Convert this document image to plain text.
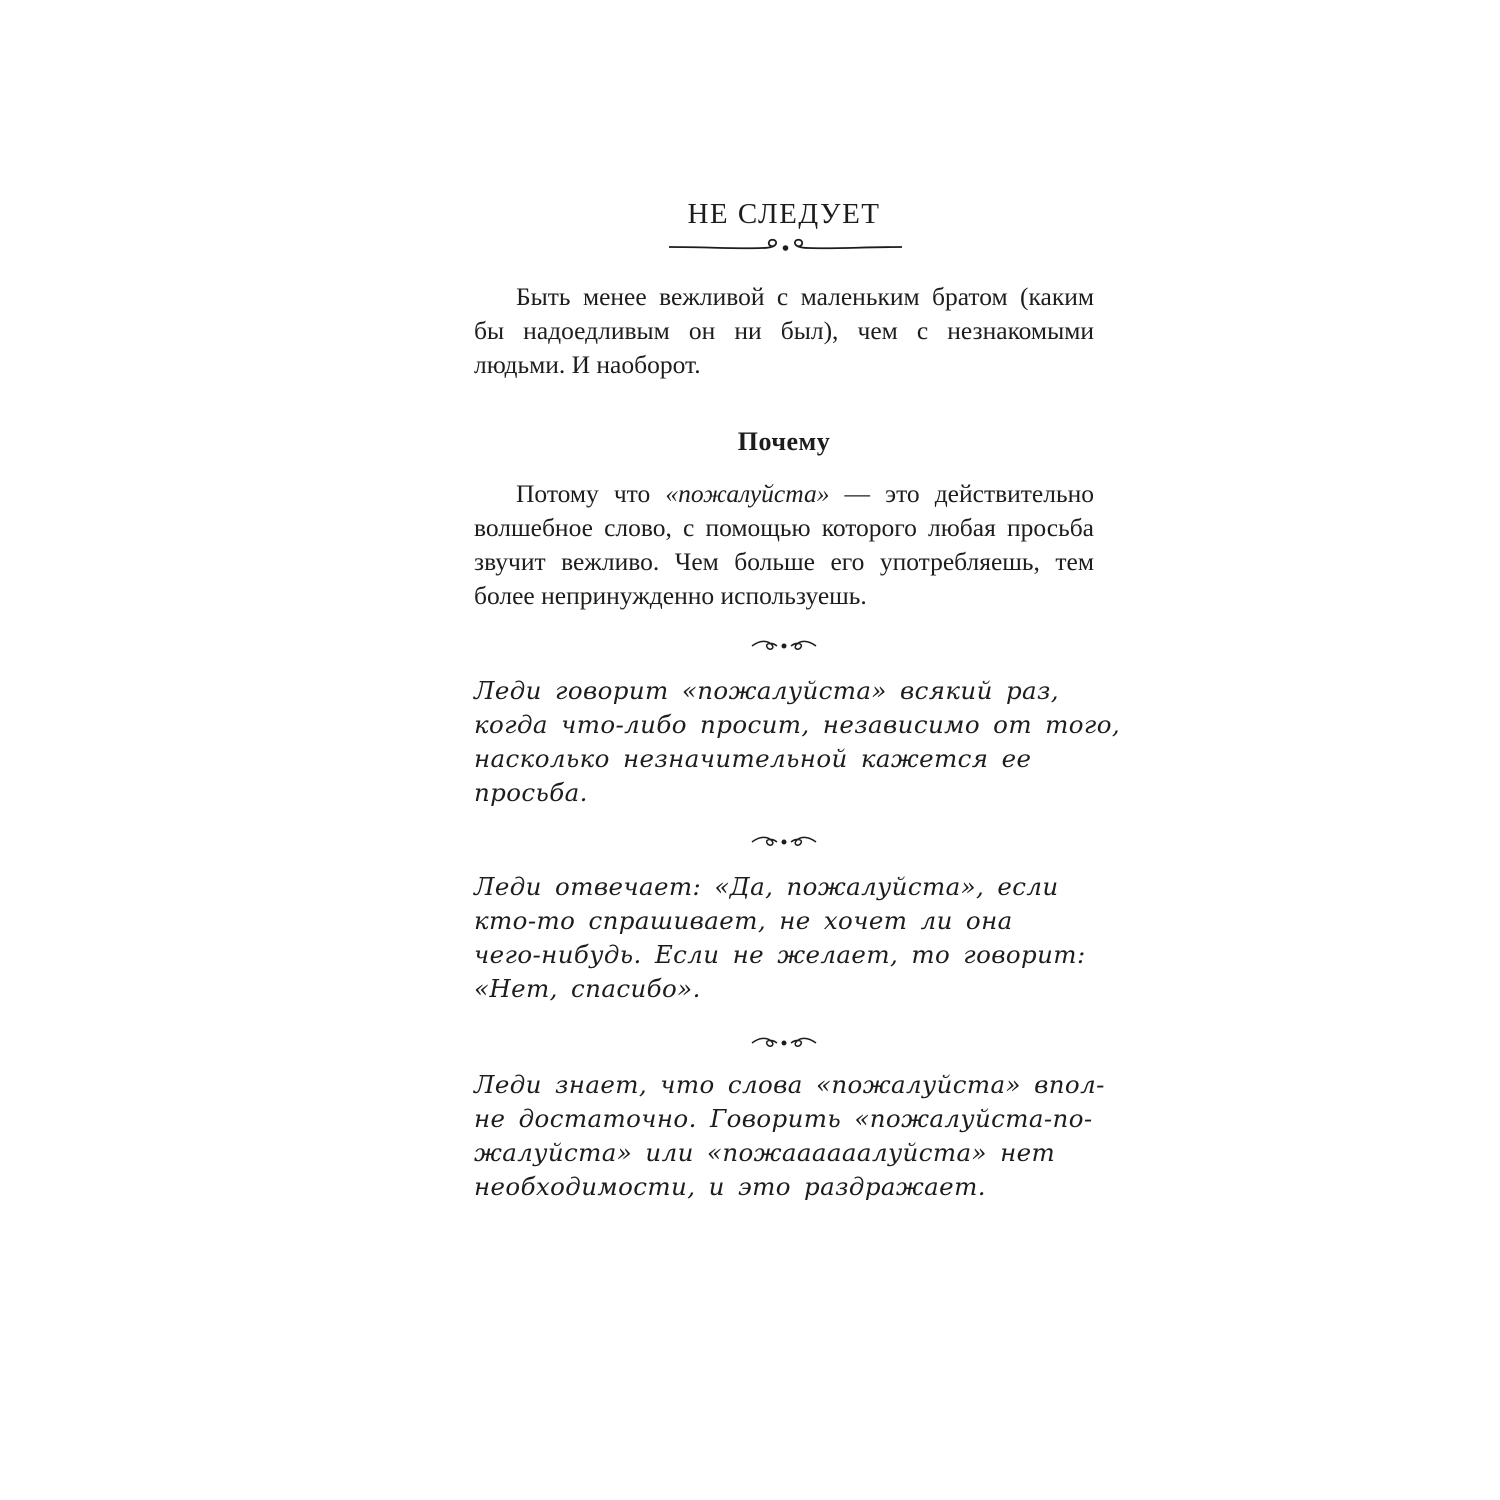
НЕ СЛЕДУЕТ
Быть менее вежливой с маленьким братом (каким бы надоедливым он ни был), чем с незнакомыми людьми. И наоборот.
Почему
Потому что «пожалуйста» — это действительно волшебное слово, с помощью которого любая просьба звучит вежливо. Чем больше его употребляешь, тем более непринужденно используешь.
Леди говорит «пожалуйста» всякий раз,
когда что-либо просит, независимо от того,
насколько незначительной кажется ее
просьба.
Леди отвечает: «Да, пожалуйста», если
кто-то спрашивает, не хочет ли она
чего-нибудь. Если не желает, то говорит:
«Нет, спасибо».
Леди знает, что слова «пожалуйста» впол-
не достаточно. Говорить «пожалуйста-по-
жалуйста» или «пожаааааалуйста» нет
необходимости, и это раздражает.
